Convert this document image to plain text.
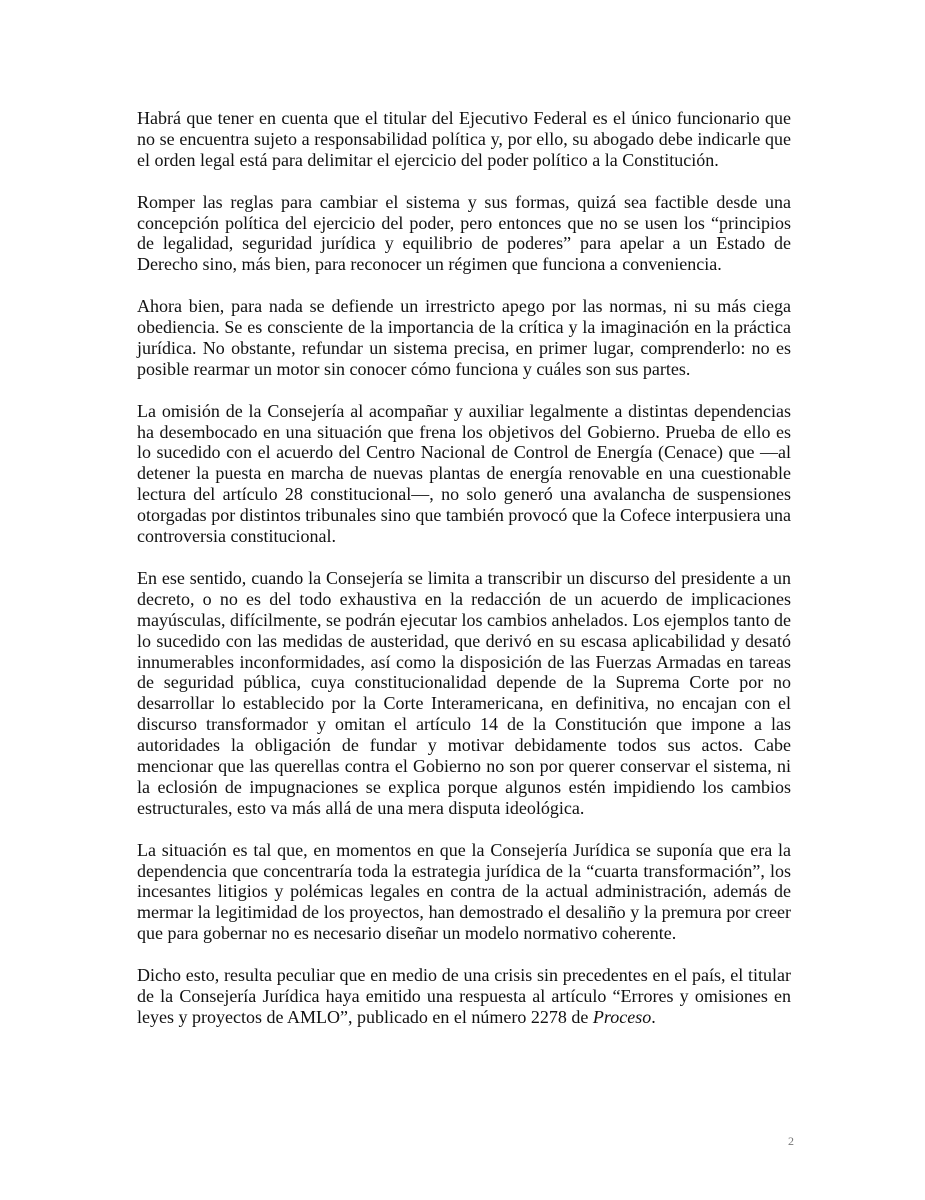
Habrá que tener en cuenta que el titular del Ejecutivo Federal es el único funcionario que no se encuentra sujeto a responsabilidad política y, por ello, su abogado debe indicarle que el orden legal está para delimitar el ejercicio del poder político a la Constitución.

Romper las reglas para cambiar el sistema y sus formas, quizá sea factible desde una concepción política del ejercicio del poder, pero entonces que no se usen los “principios de legalidad, seguridad jurídica y equilibrio de poderes” para apelar a un Estado de Derecho sino, más bien, para reconocer un régimen que funciona a conveniencia.

Ahora bien, para nada se defiende un irrestricto apego por las normas, ni su más ciega obediencia. Se es consciente de la importancia de la crítica y la imaginación en la práctica jurídica. No obstante, refundar un sistema precisa, en primer lugar, comprenderlo: no es posible rearmar un motor sin conocer cómo funciona y cuáles son sus partes.

La omisión de la Consejería al acompañar y auxiliar legalmente a distintas dependencias ha desembocado en una situación que frena los objetivos del Gobierno. Prueba de ello es lo sucedido con el acuerdo del Centro Nacional de Control de Energía (Cenace) que —al detener la puesta en marcha de nuevas plantas de energía renovable en una cuestionable lectura del artículo 28 constitucional—, no solo generó una avalancha de suspensiones otorgadas por distintos tribunales sino que también provocó que la Cofece interpusiera una controversia constitucional.

En ese sentido, cuando la Consejería se limita a transcribir un discurso del presidente a un decreto, o no es del todo exhaustiva en la redacción de un acuerdo de implicaciones mayúsculas, difícilmente, se podrán ejecutar los cambios anhelados. Los ejemplos tanto de lo sucedido con las medidas de austeridad, que derivó en su escasa aplicabilidad y desató innumerables inconformidades, así como la disposición de las Fuerzas Armadas en tareas de seguridad pública, cuya constitucionalidad depende de la Suprema Corte por no desarrollar lo establecido por la Corte Interamericana, en definitiva, no encajan con el discurso transformador y omitan el artículo 14 de la Constitución que impone a las autoridades la obligación de fundar y motivar debidamente todos sus actos. Cabe mencionar que las querellas contra el Gobierno no son por querer conservar el sistema, ni la eclosión de impugnaciones se explica porque algunos estén impidiendo los cambios estructurales, esto va más allá de una mera disputa ideológica.

La situación es tal que, en momentos en que la Consejería Jurídica se suponía que era la dependencia que concentraría toda la estrategia jurídica de la “cuarta transformación”, los incesantes litigios y polémicas legales en contra de la actual administración, además de mermar la legitimidad de los proyectos, han demostrado el desaliño y la premura por creer que para gobernar no es necesario diseñar un modelo normativo coherente.

Dicho esto, resulta peculiar que en medio de una crisis sin precedentes en el país, el titular de la Consejería Jurídica haya emitido una respuesta al artículo “Errores y omisiones en leyes y proyectos de AMLO”, publicado en el número 2278 de Proceso.

2
